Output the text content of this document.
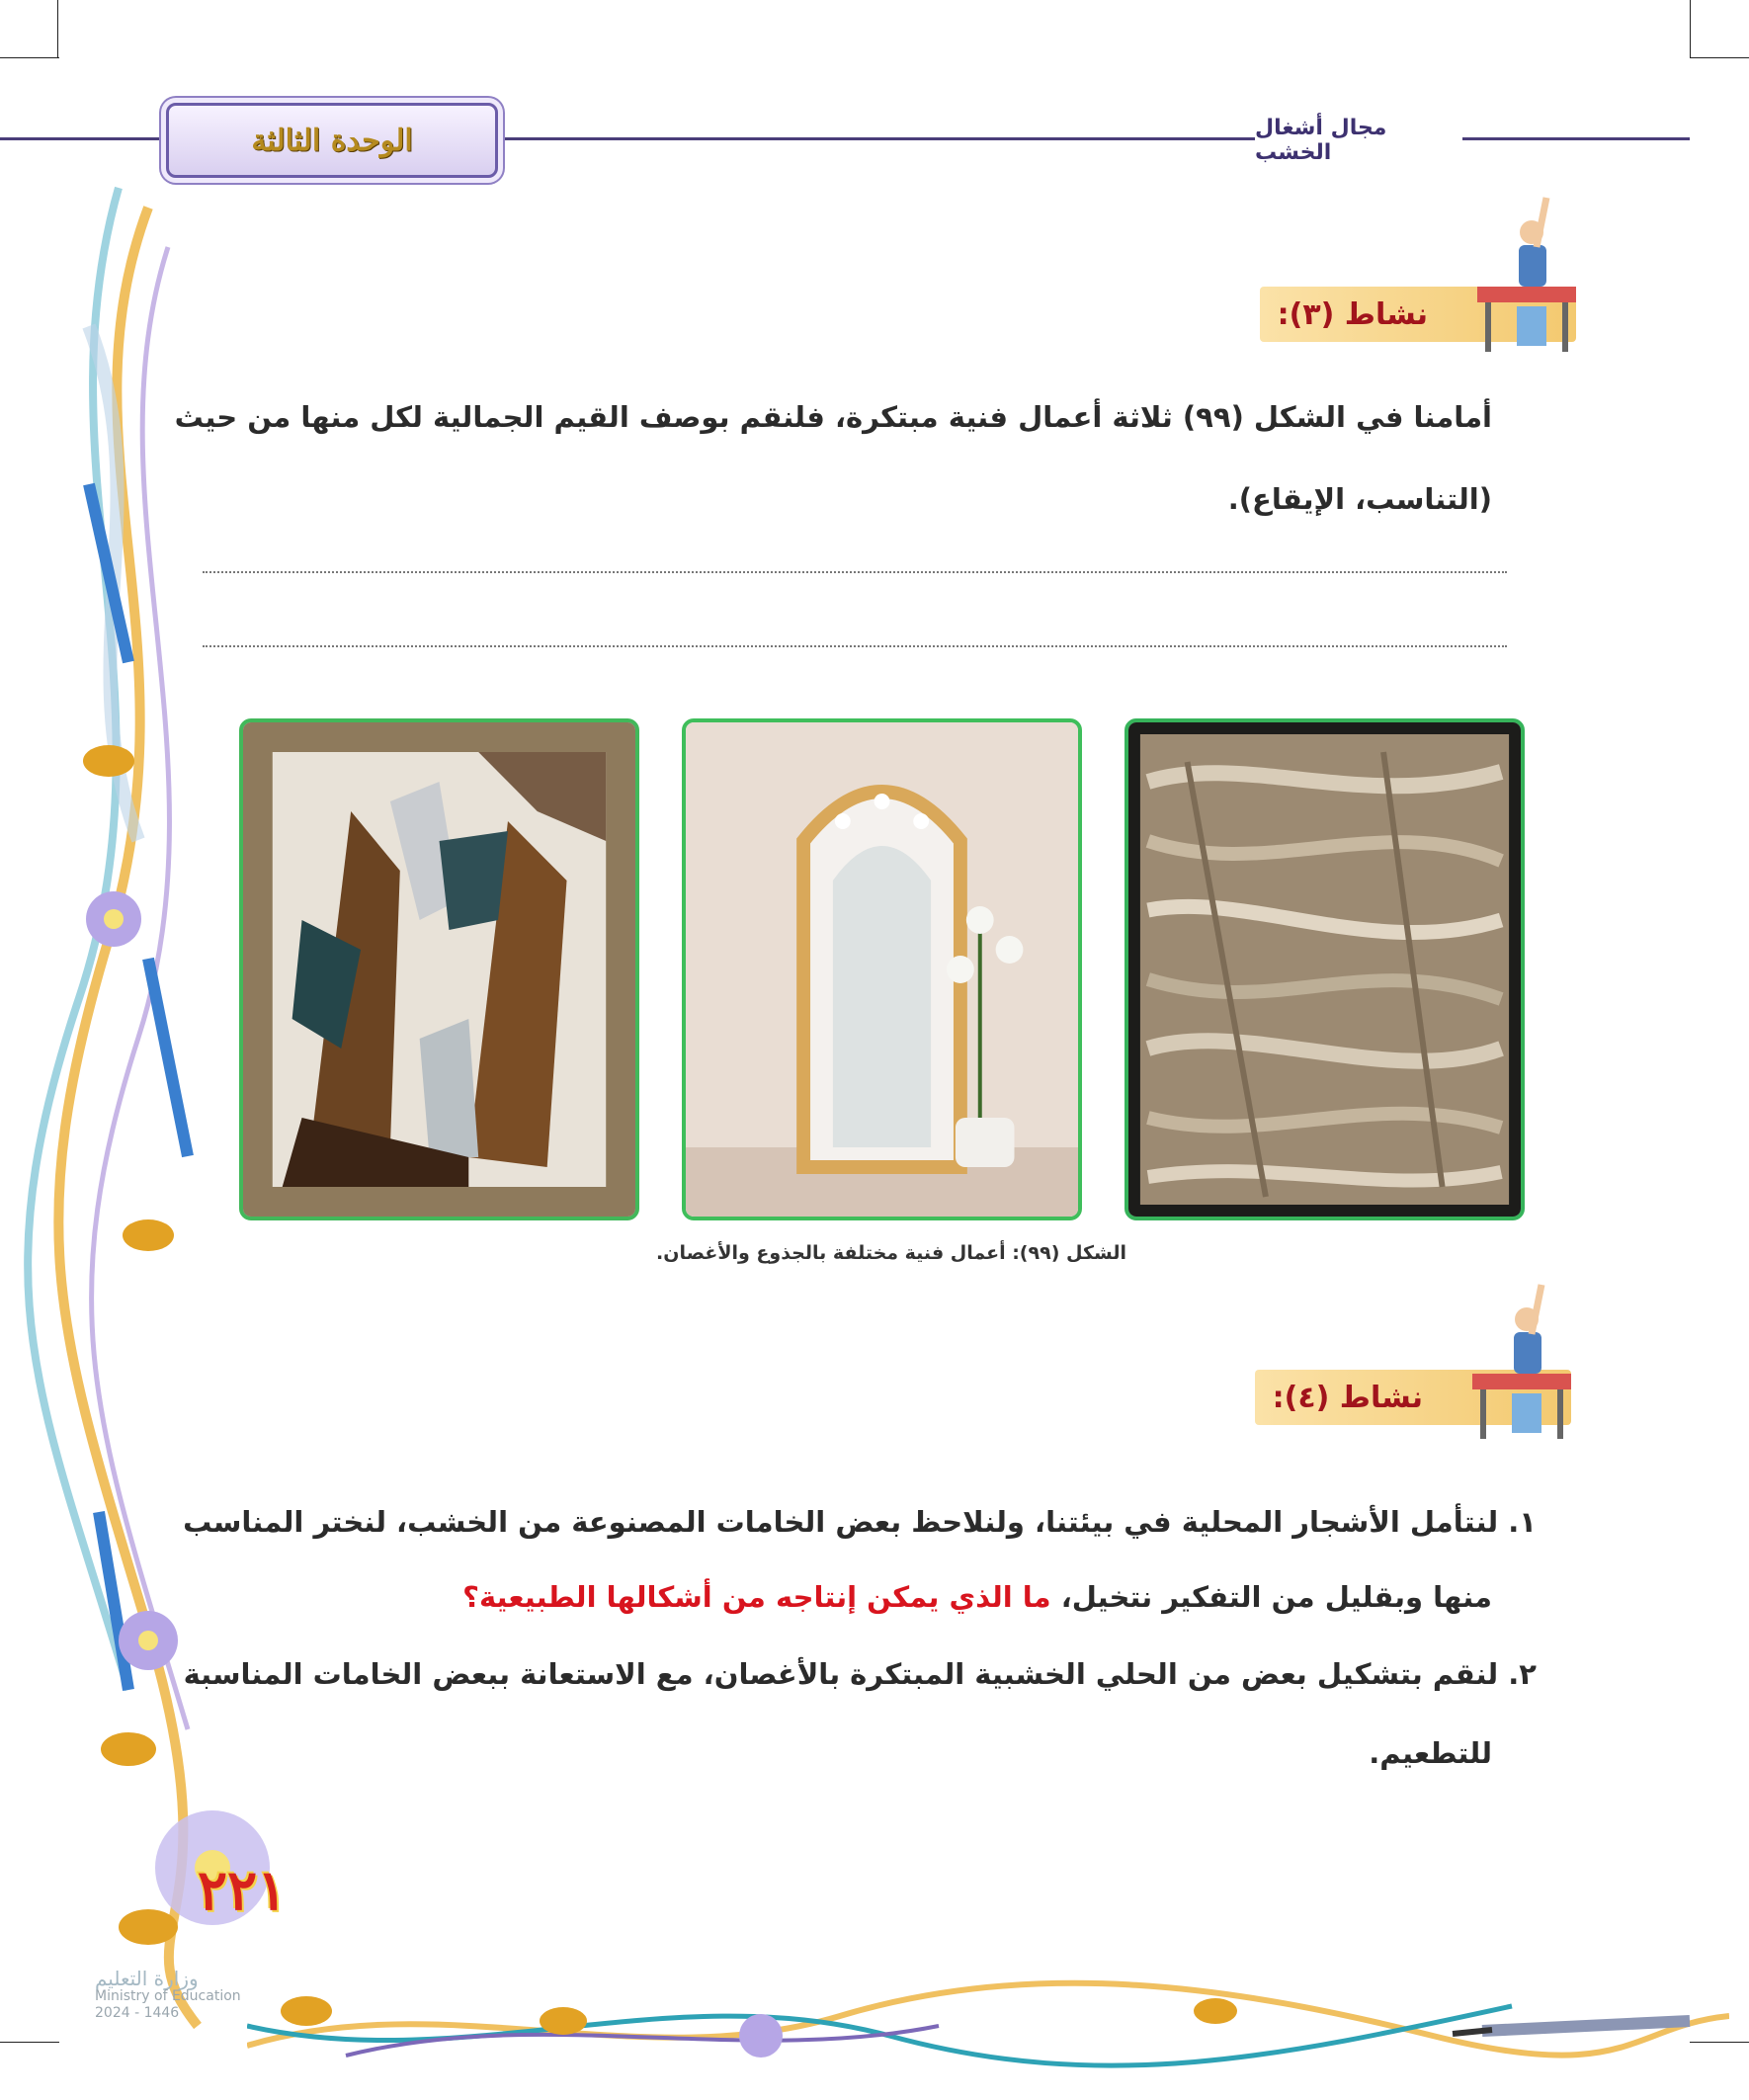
الوحدة الثالثة	مجال أشغال الخشب
نشاط (٣):
أمامنا في الشكل (٩٩) ثلاثة أعمال فنية مبتكرة، فلنقم بوصف القيم الجمالية لكل منها من حيث
(التناسب، الإيقاع).
الشكل (٩٩): أعمال فنية مختلفة بالجذوع والأغصان.
نشاط (٤):
١. لنتأمل الأشجار المحلية في بيئتنا، ولنلاحظ بعض الخامات المصنوعة من الخشب، لنختر المناسب
منها وبقليل من التفكير نتخيل، ما الذي يمكن إنتاجه من أشكالها الطبيعية؟
٢. لنقم بتشكيل بعض من الحلي الخشبية المبتكرة بالأغصان، مع الاستعانة ببعض الخامات المناسبة
للتطعيم.
٢٢١
وزارة التعليم
Ministry of Education
2024 - 1446
